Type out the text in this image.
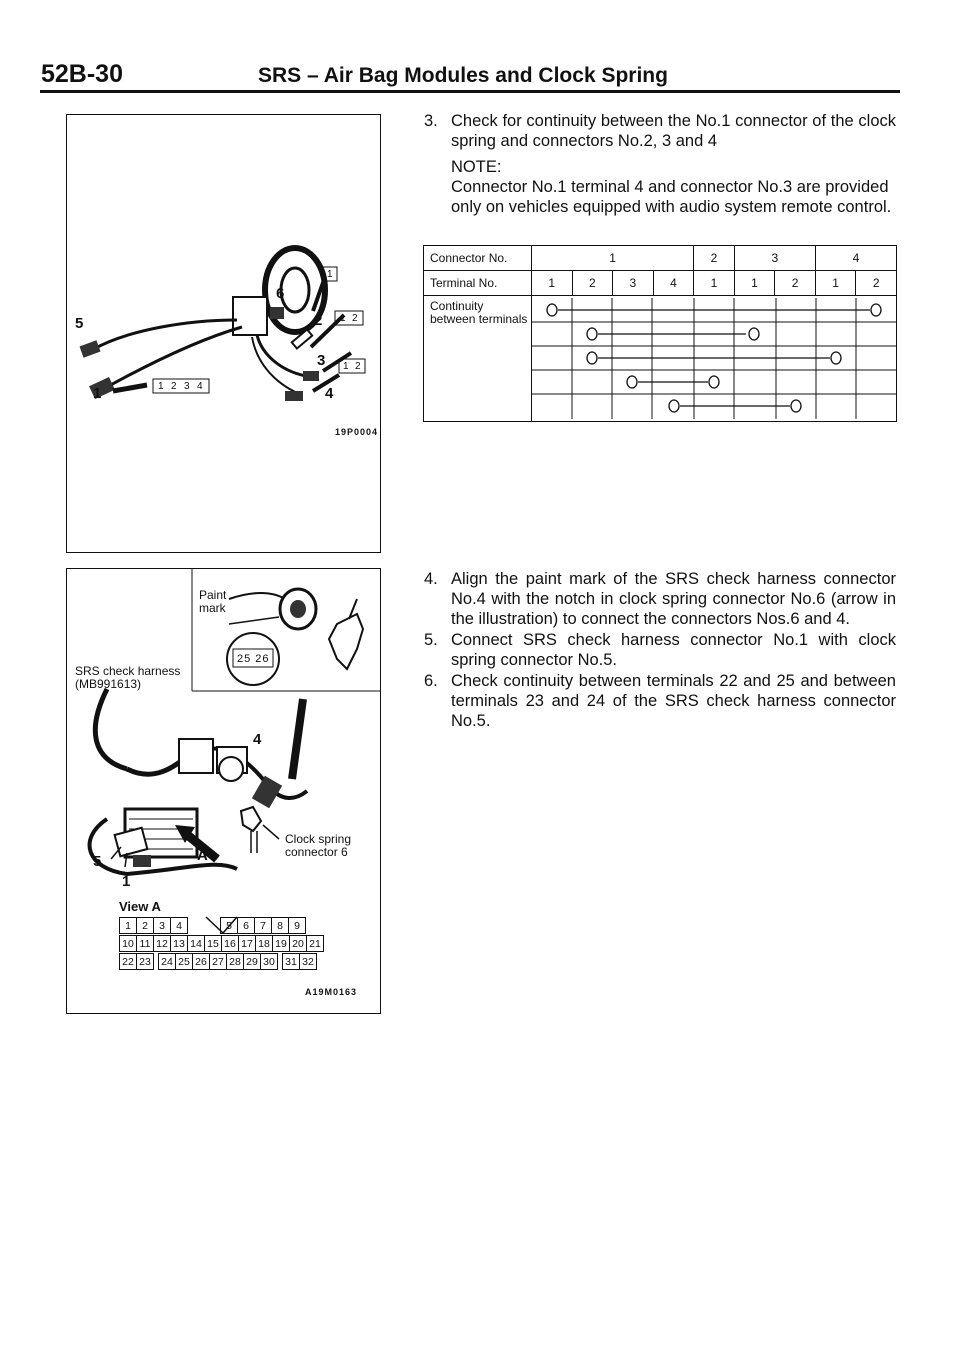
52B-30	SRS – Air Bag Modules and Clock Spring
5
6
2
3
4
1
1
1 2
1 2
1 2 3 4
19P0004
3. Check for continuity between the No.1 connector of the clock spring and connectors No.2, 3 and 4
NOTE:
Connector No.1 terminal 4 and connector No.3 are provided only on vehicles equipped with audio system remote control.
Connector No.	1				2	3		4	
Terminal No.	1	2	3	4	1	1	2	1	2
Continuity between terminals	
Paint mark
25 26
SRS check harness (MB991613)
4
Clock spring connector 6
5	A
1
View A
1	2	3	4			5	6	7	8	9
10	11	12	13	14	15	16	17	18	19	20	21
22	23		24	25	26	27	28	29	30		31	32
A19M0163
4. Align the paint mark of the SRS check harness connector No.4 with the notch in clock spring connector No.6 (arrow in the illustration) to connect the connectors Nos.6 and 4.
5. Connect SRS check harness connector No.1 with clock spring connector No.5.
6. Check continuity between terminals 22 and 25 and between terminals 23 and 24 of the SRS check harness connector No.5.
